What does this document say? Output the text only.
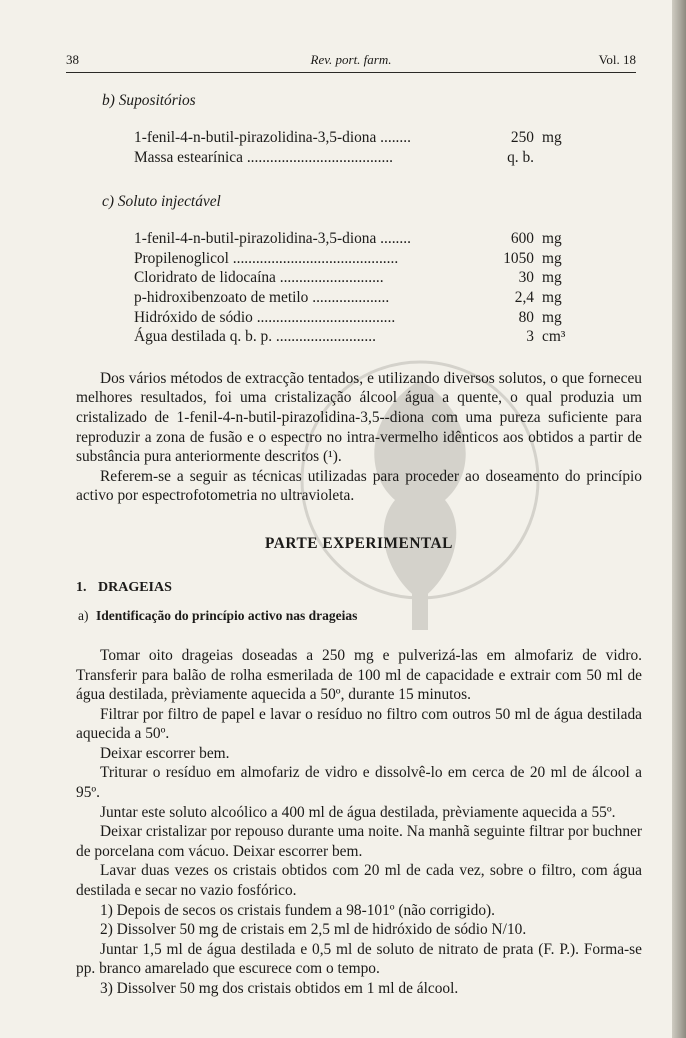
38	Rev. port. farm.	Vol. 18

b) Supositórios

1-fenil-4-n-butil-pirazolidina-3,5-diona ........	250	mg
Massa estearínica ......................................	q. b.	

c) Soluto injectável

1-fenil-4-n-butil-pirazolidina-3,5-diona ........	600	mg
Propilenoglicol ...........................................	1050	mg
Cloridrato de lidocaína ...........................	30	mg
p-hidroxibenzoato de metilo ....................	2,4	mg
Hidróxido de sódio ....................................	80	mg
Água destilada q. b. p. ..........................	3	cm³

Dos vários métodos de extracção tentados, e utilizando diversos solutos, o que forneceu melhores resultados, foi uma cristalização álcool água a quente, o qual produzia um cristalizado de 1-fenil-4-n-butil-pirazolidina-3,5--diona com uma pureza suficiente para reproduzir a zona de fusão e o espectro no intra-vermelho idênticos aos obtidos a partir de substância pura anteriormente descritos (¹).

Referem-se a seguir as técnicas utilizadas para proceder ao doseamento do princípio activo por espectrofotometria no ultravioleta.

PARTE EXPERIMENTAL

1. DRAGEIAS

a) Identificação do princípio activo nas drageias

Tomar oito drageias doseadas a 250 mg e pulverizá-las em almofariz de vidro. Transferir para balão de rolha esmerilada de 100 ml de capacidade e extrair com 50 ml de água destilada, prèviamente aquecida a 50º, durante 15 minutos.

Filtrar por filtro de papel e lavar o resíduo no filtro com outros 50 ml de água destilada aquecida a 50º.

Deixar escorrer bem.

Triturar o resíduo em almofariz de vidro e dissolvê-lo em cerca de 20 ml de álcool a 95º.

Juntar este soluto alcoólico a 400 ml de água destilada, prèviamente aquecida a 55º.

Deixar cristalizar por repouso durante uma noite. Na manhã seguinte filtrar por buchner de porcelana com vácuo. Deixar escorrer bem.

Lavar duas vezes os cristais obtidos com 20 ml de cada vez, sobre o filtro, com água destilada e secar no vazio fosfórico.

1) Depois de secos os cristais fundem a 98-101º (não corrigido).

2) Dissolver 50 mg de cristais em 2,5 ml de hidróxido de sódio N/10.

Juntar 1,5 ml de água destilada e 0,5 ml de soluto de nitrato de prata (F. P.). Forma-se pp. branco amarelado que escurece com o tempo.

3) Dissolver 50 mg dos cristais obtidos em 1 ml de álcool.
